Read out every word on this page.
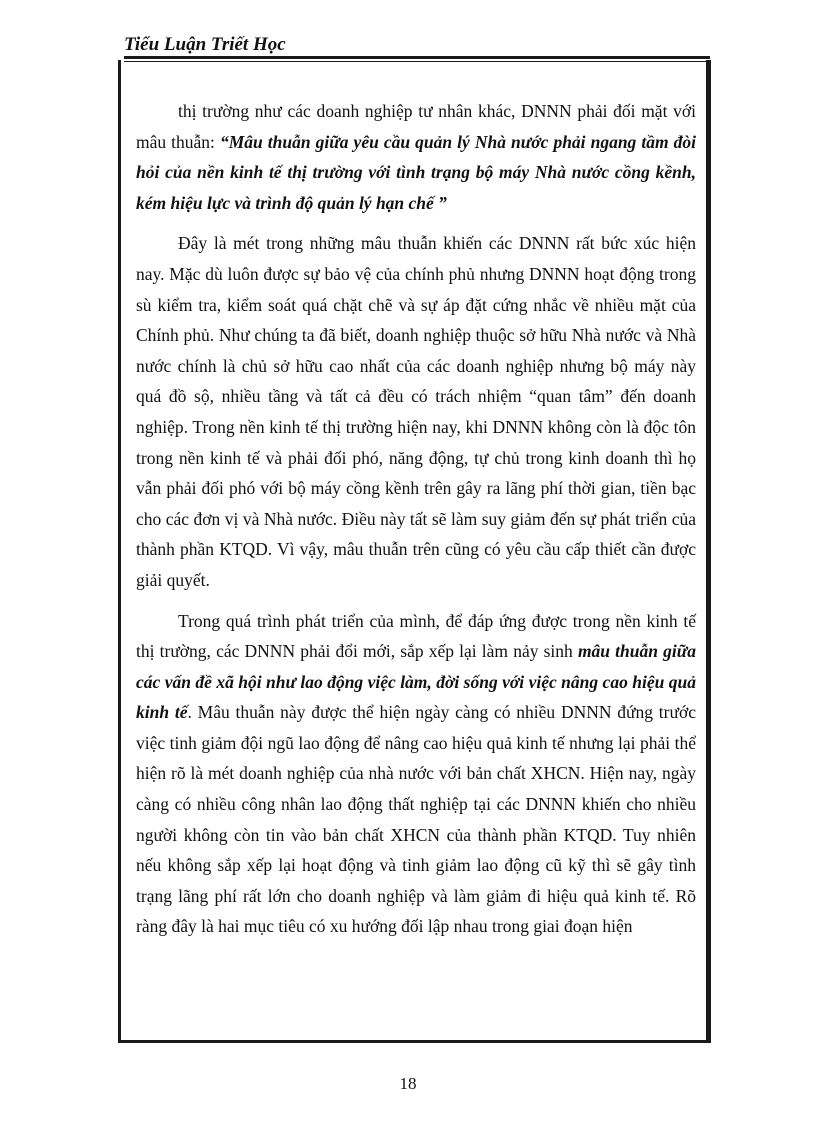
Tiểu Luận Triết Học

thị trường như các doanh nghiệp tư nhân khác, DNNN phải đối mặt với mâu thuẫn: “Mâu thuẫn giữa yêu cầu quản lý Nhà nước phải ngang tầm đòi hỏi của nền kinh tế thị trường với tình trạng bộ máy Nhà nước cồng kềnh, kém hiệu lực và trình độ quản lý hạn chế ”

Đây là mét trong những mâu thuẫn khiến các DNNN rất bức xúc hiện nay. Mặc dù luôn được sự bảo vệ của chính phủ nhưng DNNN hoạt động trong sù kiểm tra, kiểm soát quá chặt chẽ và sự áp đặt cứng nhắc về nhiều mặt của Chính phủ. Như chúng ta đã biết, doanh nghiệp thuộc sở hữu Nhà nước và Nhà nước chính là chủ sở hữu cao nhất của các doanh nghiệp nhưng bộ máy này quá đồ sộ, nhiều tầng và tất cả đều có trách nhiệm “quan tâm” đến doanh nghiệp. Trong nền kinh tế thị trường hiện nay, khi DNNN không còn là độc tôn trong nền kinh tế và phải đối phó, năng động, tự chủ trong kinh doanh thì họ vẫn phải đối phó với bộ máy cồng kềnh trên gây ra lãng phí thời gian, tiền bạc cho các đơn vị và Nhà nước. Điều này tất sẽ làm suy giảm đến sự phát triển của thành phần KTQD. Vì vậy, mâu thuẫn trên cũng có yêu cầu cấp thiết cần được giải quyết.

Trong quá trình phát triển của mình, để đáp ứng được trong nền kinh tế thị trường, các DNNN phải đổi mới, sắp xếp lại làm nảy sinh mâu thuẫn giữa các vấn đề xã hội như lao động việc làm, đời sống với việc nâng cao hiệu quả kinh tế. Mâu thuẫn này được thể hiện ngày càng có nhiều DNNN đứng trước việc tinh giảm đội ngũ lao động để nâng cao hiệu quả kinh tế nhưng lại phải thể hiện rõ là mét doanh nghiệp của nhà nước với bản chất XHCN. Hiện nay, ngày càng có nhiều công nhân lao động thất nghiệp tại các DNNN khiến cho nhiều người không còn tin vào bản chất XHCN của thành phần KTQD. Tuy nhiên nếu không sắp xếp lại hoạt động và tinh giảm lao động cũ kỹ thì sẽ gây tình trạng lãng phí rất lớn cho doanh nghiệp và làm giảm đi hiệu quả kinh tế. Rõ ràng đây là hai mục tiêu có xu hướng đối lập nhau trong giai đoạn hiện

18
